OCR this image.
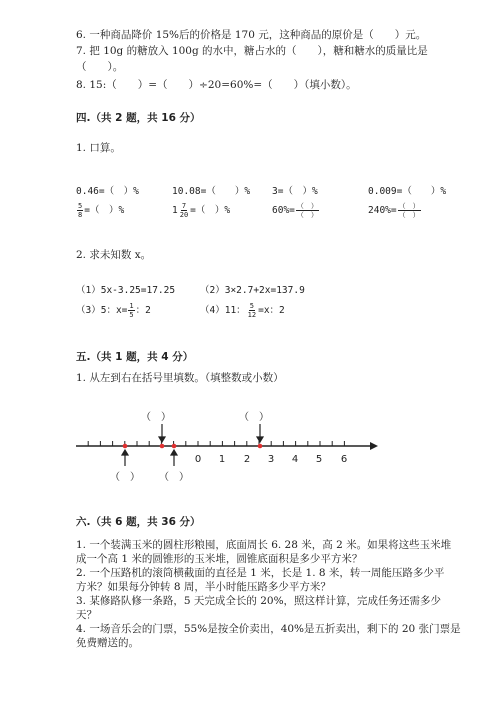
6. 一种商品降价 15%后的价格是 170 元，这种商品的原价是（　　）元。
7. 把 10g 的糖放入 100g 的水中，糖占水的（　　），糖和糖水的质量比是
（　　）。
8. 15:（　　）=（　　）÷20=60%=（　　）（填小数）。
四.（共 2 题，共 16 分）
1. 口算。
0.46=（　）%	10.08=（　　）% 3=（　）%	0.009=（　　）%
$\frac{5}{8}$ =（　）%	$1 \frac{7}{20}$ =（　）%	$60\%= \frac{( )}{( )}$	$240\%= \frac{( )}{( )}$
2. 求未知数 x。
（1）5x-3.25=17.25	（2）3×2.7+2x=137.9
（3）5：$x= \frac{1}{5}$ ：2	（4）11： $\frac{5}{12} =x$：2
五.（共 1 题，共 4 分）
1. 从左到右在括号里填数。（填整数或小数）
0 1 2 3 4 5 6
（　）	（　）
（　） （　）
六.（共 6 题，共 36 分）
1. 一个装满玉米的圆柱形粮囤，底面周长 6. 28 米，高 2 米。如果将这些玉米堆
成一个高 1 米的圆锥形的玉米堆，圆锥底面积是多少平方米？
2. 一个压路机的滚筒横截面的直径是 1 米，长是 1. 8 米，转一周能压路多少平
方米？如果每分钟转 8 周，半小时能压路多少平方米？
3. 某修路队修一条路，5 天完成全长的 20%，照这样计算，完成任务还需多少
天？
4. 一场音乐会的门票，55%是按全价卖出，40%是五折卖出，剩下的 20 张门票是
免费赠送的。
